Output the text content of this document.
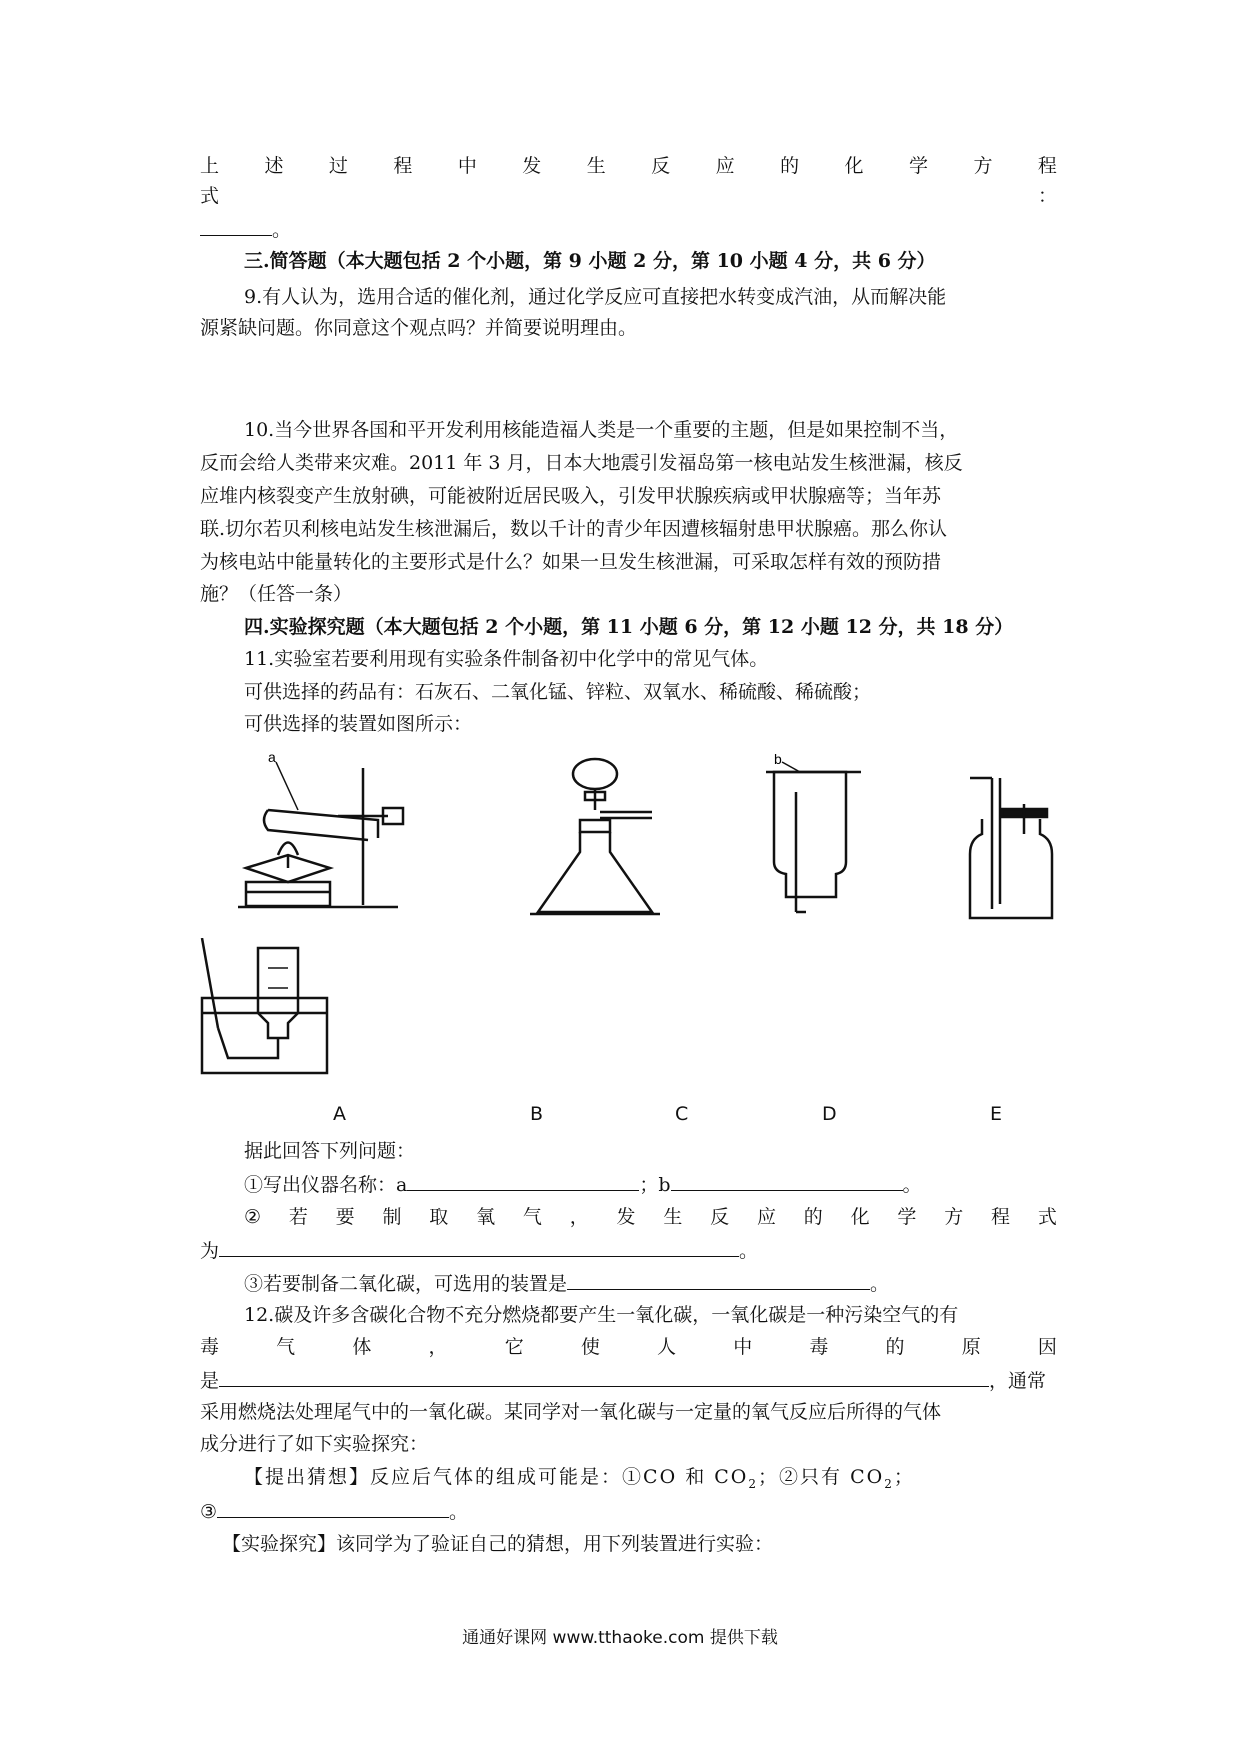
上 述 过 程 中 发 生 反 应 的 化 学 方 程
式	：
。
三.简答题（本大题包括 2 个小题，第 9 小题 2 分，第 10 小题 4 分，共 6 分）
9.有人认为，选用合适的催化剂，通过化学反应可直接把水转变成汽油，从而解决能
源紧缺问题。你同意这个观点吗？并简要说明理由。
10.当今世界各国和平开发利用核能造福人类是一个重要的主题，但是如果控制不当，
反而会给人类带来灾难。2011 年 3 月，日本大地震引发福岛第一核电站发生核泄漏，核反
应堆内核裂变产生放射碘，可能被附近居民吸入，引发甲状腺疾病或甲状腺癌等；当年苏
联.切尔若贝利核电站发生核泄漏后，数以千计的青少年因遭核辐射患甲状腺癌。那么你认
为核电站中能量转化的主要形式是什么？如果一旦发生核泄漏，可采取怎样有效的预防措
施？（任答一条）
四.实验探究题（本大题包括 2 个小题，第 11 小题 6 分，第 12 小题 12 分，共 18 分）
11.实验室若要利用现有实验条件制备初中化学中的常见气体。
可供选择的药品有：石灰石、二氧化锰、锌粒、双氧水、稀硫酸、稀硫酸；
可供选择的装置如图所示：
a	b
A	B	C	D	E
据此回答下列问题：
①写出仪器名称：a	；b	。
② 若 要 制 取 氧 气 ， 发 生 反 应 的 化 学 方 程 式
为	。
③若要制备二氧化碳，可选用的装置是	。
12.碳及许多含碳化合物不充分燃烧都要产生一氧化碳，一氧化碳是一种污染空气的有
毒	气	体	，	它	使	人	中	毒	的	原	因
是	，通常
采用燃烧法处理尾气中的一氧化碳。某同学对一氧化碳与一定量的氧气反应后所得的气体
成分进行了如下实验探究：
【提出猜想】反应后气体的组成可能是：①CO 和 $CO_2$；②只有 $CO_2$；
③	。
【实验探究】该同学为了验证自己的猜想，用下列装置进行实验：
通通好课网 www.tthaoke.com 提供下载
